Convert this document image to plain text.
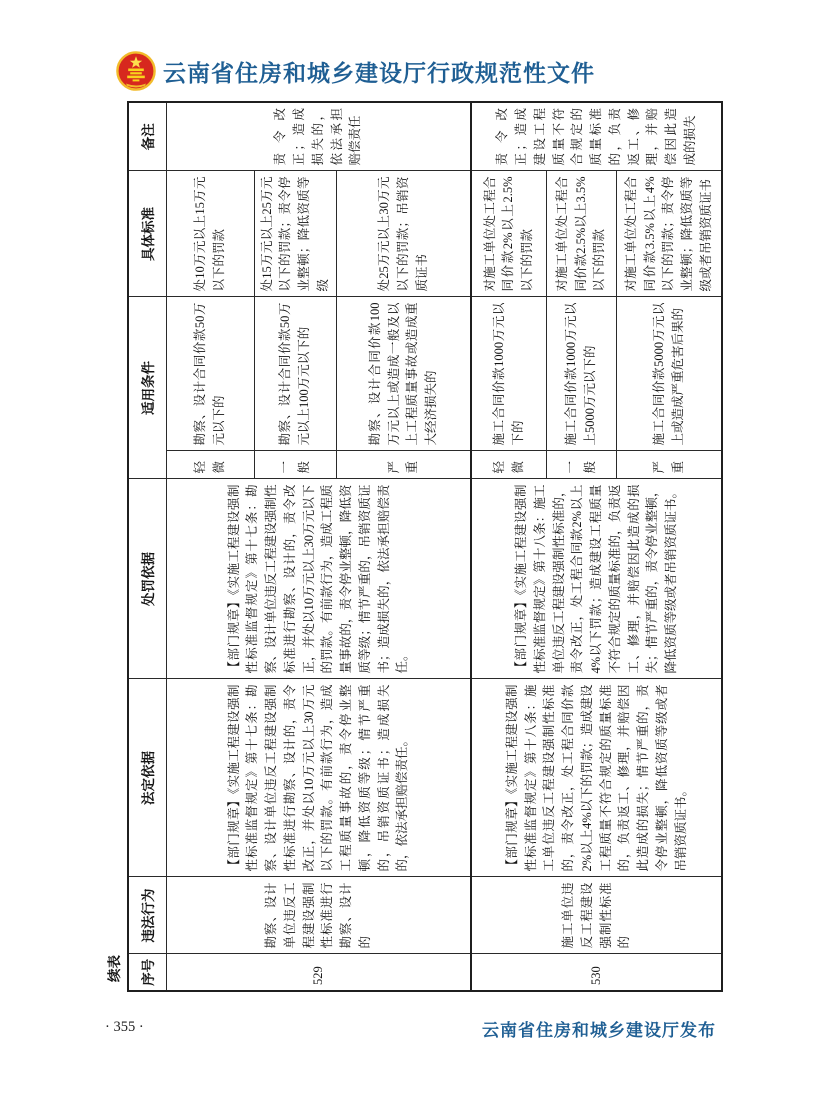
云南省住房和城乡建设厅行政规范性文件
续表 序号	违法行为	法定依据	处罚依据	适用条件		具体标准	备注
529	勘察、设计单位违反工程建设强制性标准进行勘察、设计的	【部门规章】《实施工程建设强制性标准监督规定》第十七条：勘察、设计单位违反工程建设强制性标准进行勘察、设计的，责令改正，并处以10万元以上30万元以下的罚款。有前款行为，造成工程质量事故的，责令停业整顿，降低资质等级；情节严重的，吊销资质证书；造成损失的，依法承担赔偿责任。	【部门规章】《实施工程建设强制性标准监督规定》第十七条：勘察、设计单位违反工程建设强制性标准进行勘察、设计的，责令改正，并处以10万元以上30万元以下的罚款。有前款行为，造成工程质量事故的，责令停业整顿，降低资质等级；情节严重的，吊销资质证书；造成损失的，依法承担赔偿责任。	轻微	勘察、设计合同价款50万元以下的	处10万元以上15万元以下的罚款	责令改正；造成损失的，依法承担赔偿责任
				一般	勘察、设计合同价款50万元以上100万元以下的	处15万元以上25万元以下的罚款；责令停业整顿；降低资质等级	
				严重	勘察、设计合同价款100万元以上或造成一般及以上工程质量事故或造成重大经济损失的	处25万元以上30万元以下的罚款；吊销资质证书	
530	施工单位违反工程建设强制性标准的	【部门规章】《实施工程建设强制性标准监督规定》第十八条：施工单位违反工程建设强制性标准的，责令改正，处工程合同价款2%以上4%以下的罚款；造成建设工程质量不符合规定的质量标准的，负责返工、修理，并赔偿因此造成的损失；情节严重的，责令停业整顿，降低资质等级或者吊销资质证书。	【部门规章】《实施工程建设强制性标准监督规定》第十八条：施工单位违反工程建设强制性标准的，责令改正，处工程合同款2%以上4%以下罚款；造成建设工程质量不符合规定的质量标准的，负责返工、修理，并赔偿因此造成的损失；情节严重的，责令停业整顿，降低资质等级或者吊销资质证书。	轻微	施工合同价款1000万元以下的	对施工单位处工程合同价款2%以上2.5%以下的罚款	责令改正；造成建设工程质量不符合规定的质量标准的，负责返工、修理，并赔偿因此造成的损失
				一般	施工合同价款1000万元以上5000万元以下的	对施工单位处工程合同价款2.5%以上3.5%以下的罚款	
				严重	施工合同价款5000万元以上或造成严重危害后果的	对施工单位处工程合同价款3.5%以上4%以下的罚款；责令停业整顿；降低资质等级或者吊销资质证书	
· 355 ·	云南省住房和城乡建设厅发布
